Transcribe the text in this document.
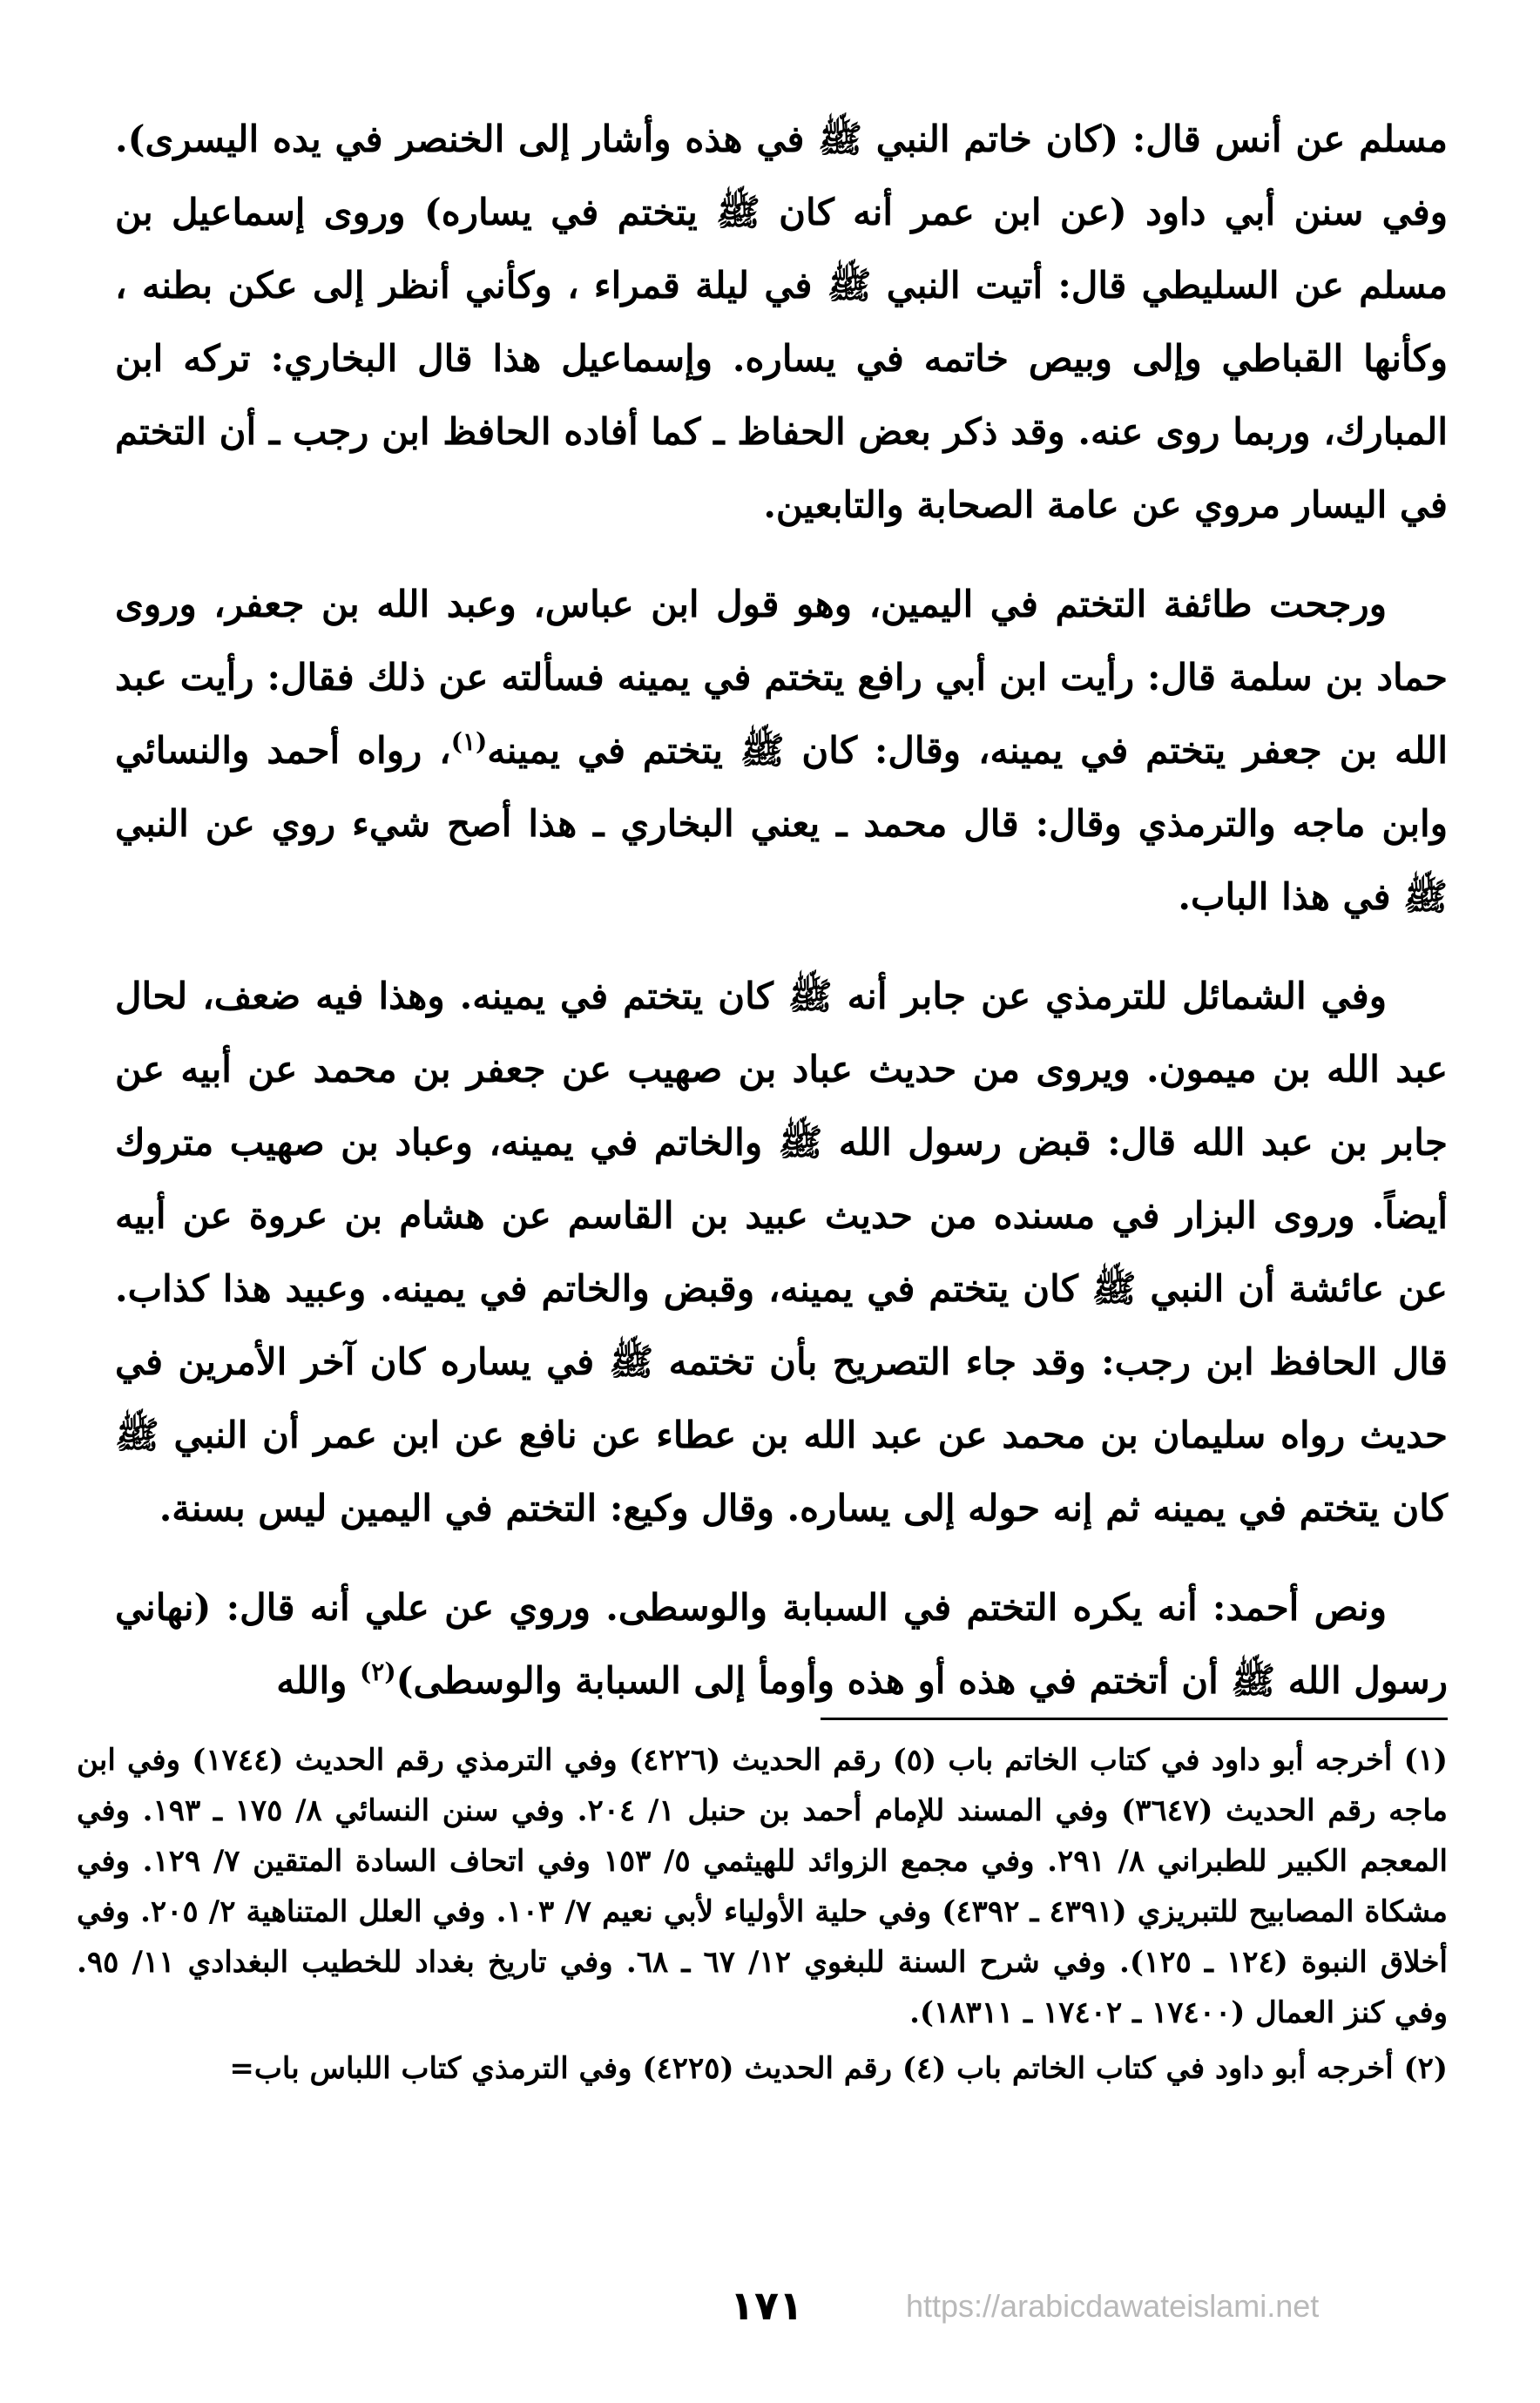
مسلم عن أنس قال: (كان خاتم النبي ﷺ في هذه وأشار إلى الخنصر في يده اليسرى). وفي سنن أبي داود (عن ابن عمر أنه كان ﷺ يتختم في يساره) وروى إسماعيل بن مسلم عن السليطي قال: أتيت النبي ﷺ في ليلة قمراء ، وكأني أنظر إلى عكن بطنه ، وكأنها القباطي وإلى وبيص خاتمه في يساره. وإسماعيل هذا قال البخاري: تركه ابن المبارك، وربما روى عنه. وقد ذكر بعض الحفاظ ـ كما أفاده الحافظ ابن رجب ـ أن التختم في اليسار مروي عن عامة الصحابة والتابعين.

ورجحت طائفة التختم في اليمين، وهو قول ابن عباس، وعبد الله بن جعفر، وروى حماد بن سلمة قال: رأيت ابن أبي رافع يتختم في يمينه فسألته عن ذلك فقال: رأيت عبد الله بن جعفر يتختم في يمينه، وقال: كان ﷺ يتختم في يمينه$^{(١)}$، رواه أحمد والنسائي وابن ماجه والترمذي وقال: قال محمد ـ يعني البخاري ـ هذا أصح شيء روي عن النبي ﷺ في هذا الباب.

وفي الشمائل للترمذي عن جابر أنه ﷺ كان يتختم في يمينه. وهذا فيه ضعف، لحال عبد الله بن ميمون. ويروى من حديث عباد بن صهيب عن جعفر بن محمد عن أبيه عن جابر بن عبد الله قال: قبض رسول الله ﷺ والخاتم في يمينه، وعباد بن صهيب متروك أيضاً. وروى البزار في مسنده من حديث عبيد بن القاسم عن هشام بن عروة عن أبيه عن عائشة أن النبي ﷺ كان يتختم في يمينه، وقبض والخاتم في يمينه. وعبيد هذا كذاب. قال الحافظ ابن رجب: وقد جاء التصريح بأن تختمه ﷺ في يساره كان آخر الأمرين في حديث رواه سليمان بن محمد عن عبد الله بن عطاء عن نافع عن ابن عمر أن النبي ﷺ كان يتختم في يمينه ثم إنه حوله إلى يساره. وقال وكيع: التختم في اليمين ليس بسنة.

ونص أحمد: أنه يكره التختم في السبابة والوسطى. وروي عن علي أنه قال: (نهاني رسول الله ﷺ أن أتختم في هذه أو هذه وأومأ إلى السبابة والوسطى)$^{(٢)}$ والله

(١) أخرجه أبو داود في كتاب الخاتم باب (٥) رقم الحديث (٤٢٢٦) وفي الترمذي رقم الحديث (١٧٤٤) وفي ابن ماجه رقم الحديث (٣٦٤٧) وفي المسند للإمام أحمد بن حنبل ١/ ٢٠٤. وفي سنن النسائي ٨/ ١٧٥ ـ ١٩٣. وفي المعجم الكبير للطبراني ٨/ ٢٩١. وفي مجمع الزوائد للهيثمي ٥/ ١٥٣ وفي اتحاف السادة المتقين ٧/ ١٢٩. وفي مشكاة المصابيح للتبريزي (٤٣٩١ ـ ٤٣٩٢) وفي حلية الأولياء لأبي نعيم ٧/ ١٠٣. وفي العلل المتناهية ٢/ ٢٠٥. وفي أخلاق النبوة (١٢٤ ـ ١٢٥). وفي شرح السنة للبغوي ١٢/ ٦٧ ـ ٦٨. وفي تاريخ بغداد للخطيب البغدادي ١١/ ٩٥. وفي كنز العمال (١٧٤٠٠ ـ ١٧٤٠٢ ـ ١٨٣١١).

(٢) أخرجه أبو داود في كتاب الخاتم باب (٤) رقم الحديث (٤٢٢٥) وفي الترمذي كتاب اللباس باب=

١٧١	https://arabicdawateislami.net
